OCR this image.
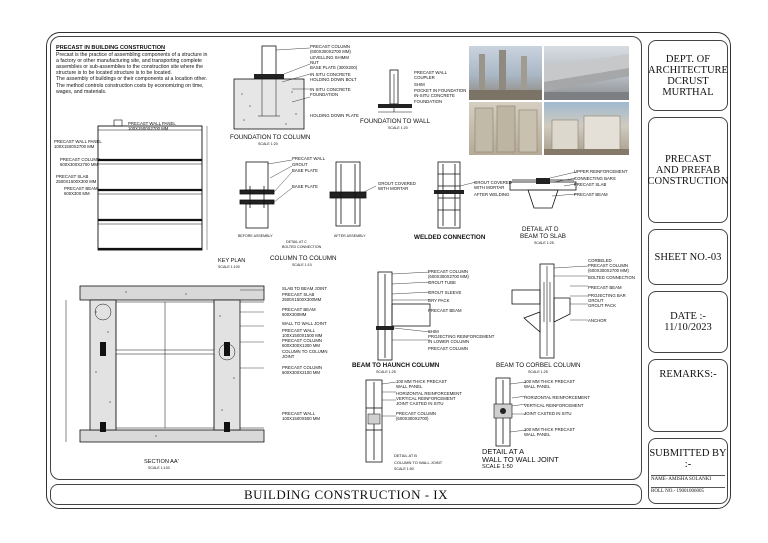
BUILDING CONSTRUCTION - IX
DEPT. OF
ARCHITECTURE
DCRUST
MURTHAL
PRECAST
AND PREFAB
CONSTRUCTION
SHEET NO.-03
DATE :-
11/10/2023
REMARKS:-
SUBMITTED BY :-
NAME- AMISHA SOLANKI
ROLL NO.- 19001006005
PRECAST IN BUILDING CONSTRUCTION
Precast is the practice of assembling components of a structure in
a factory or other manufacturing site, and transporting complete
assemblies or sub-assemblies to the construction site where the
structure is to be located structure is to be located.
The assembly of buildings or their components at a location other.
The method controls construction costs by economizing on time,
wages, and materials.
PRECAST COLUMN
(600X300X2700 MM)
LEVELLING SHIMM
NUT
BASE PLATE (300X200)
IN SITU CONCRETE
HOLDING DOWN BOLT
IN SITU CONCRETE
FOUNDATION
HOLDING DOWN PLATE
FOUNDATION TO COLUMN
SCALE 1:20
PRECAST WALL
COUPLER
SHIM
POCKET IN FOUNDATION
IN-SITU CONCRETE
FOUNDATION
FOUNDATION TO WALL
SCALE 1:20
PRECAST WALL PANEL
100X1500X2700 MM
PRECAST WALL PANEL
100X1500X2700 MM
PRECAST COLUMN
600X300X2700 MM
PRECAST SLAB
2500X1500X300 MM
PRECAST BEAM
600X300 MM
KEY PLAN
SCALE 1:100
PRECAST WALL
GROUT
BASE PLATE
BASE PLATE
GROUT COVERED
WITH MORTAR
BEFORE ASSEMBLY	AFTER ASSEMBLY
DETAIL AT C
BOLTED CONNECTION
COLUMN TO COLUMN
SCALE 1:10
GROUT COVERED
WITH MORTAR
AFTER WELDING
WELDED CONNECTION
UPPER REINFORCEMENT
CONNECTING BARS
PRECAST SLAB
PRECAST BEAM
DETAIL AT D
BEAM TO SLAB
SCALE 1:25
SLAB TO BEAM JOINT
PRECAST SLAB
2500X1500X300MM
PRECAST BEAM
600X300MM
WALL TO WALL JOINT
PRECAST WALL
100X1500X1500 MM
PRECAST COLUMN
600X300X1300 MM
COLUMN TO COLUMN
JOINT
PRECAST COLUMN
600X300X2100 MM
PRECAST WALL
100X1500X500 MM
SECTION AA'
SCALE 1:100
PRECAST COLUMN
(600X300X2700 MM)
GROUT TUBE
GROUT SLEEVE
DRY PACK
PRECAST BEAM
SHIM
PROJECTING REINFORCEMENT
IN LOWER COLUMN
PRECAST COLUMN
BEAM TO HAUNCH COLUMN
SCALE 1:25
CORBELED
PRECAST COLUMN
(600X300X2700 MM)
BOLTED CONNECTION
PRECAST BEAM
PROJECTING BAR
GROUT
GROUT PACK
ANCHOR
BEAM TO CORBEL COLUMN
SCALE 1:25
100 MM THICK PRECAST
WALL PANEL
HORIZONTAL REINFORCEMENT
VERTICAL REINFORCEMENT
JOINT CASTED IN SITU
PRECAST COLUMN
(600X300X2700)
DETAIL AT B
COLUMN TO WALL JOINT
SCALE 1:50
100 MM THICK PRECAST
WALL PANEL
HORIZONTAL REINFORCEMENT
VERTICAL REINFORCEMENT
JOINT CASTED IN SITU
100 MM THICK PRECAST
WALL PANEL
DETAIL AT A
WALL TO WALL JOINT
SCALE 1:50
